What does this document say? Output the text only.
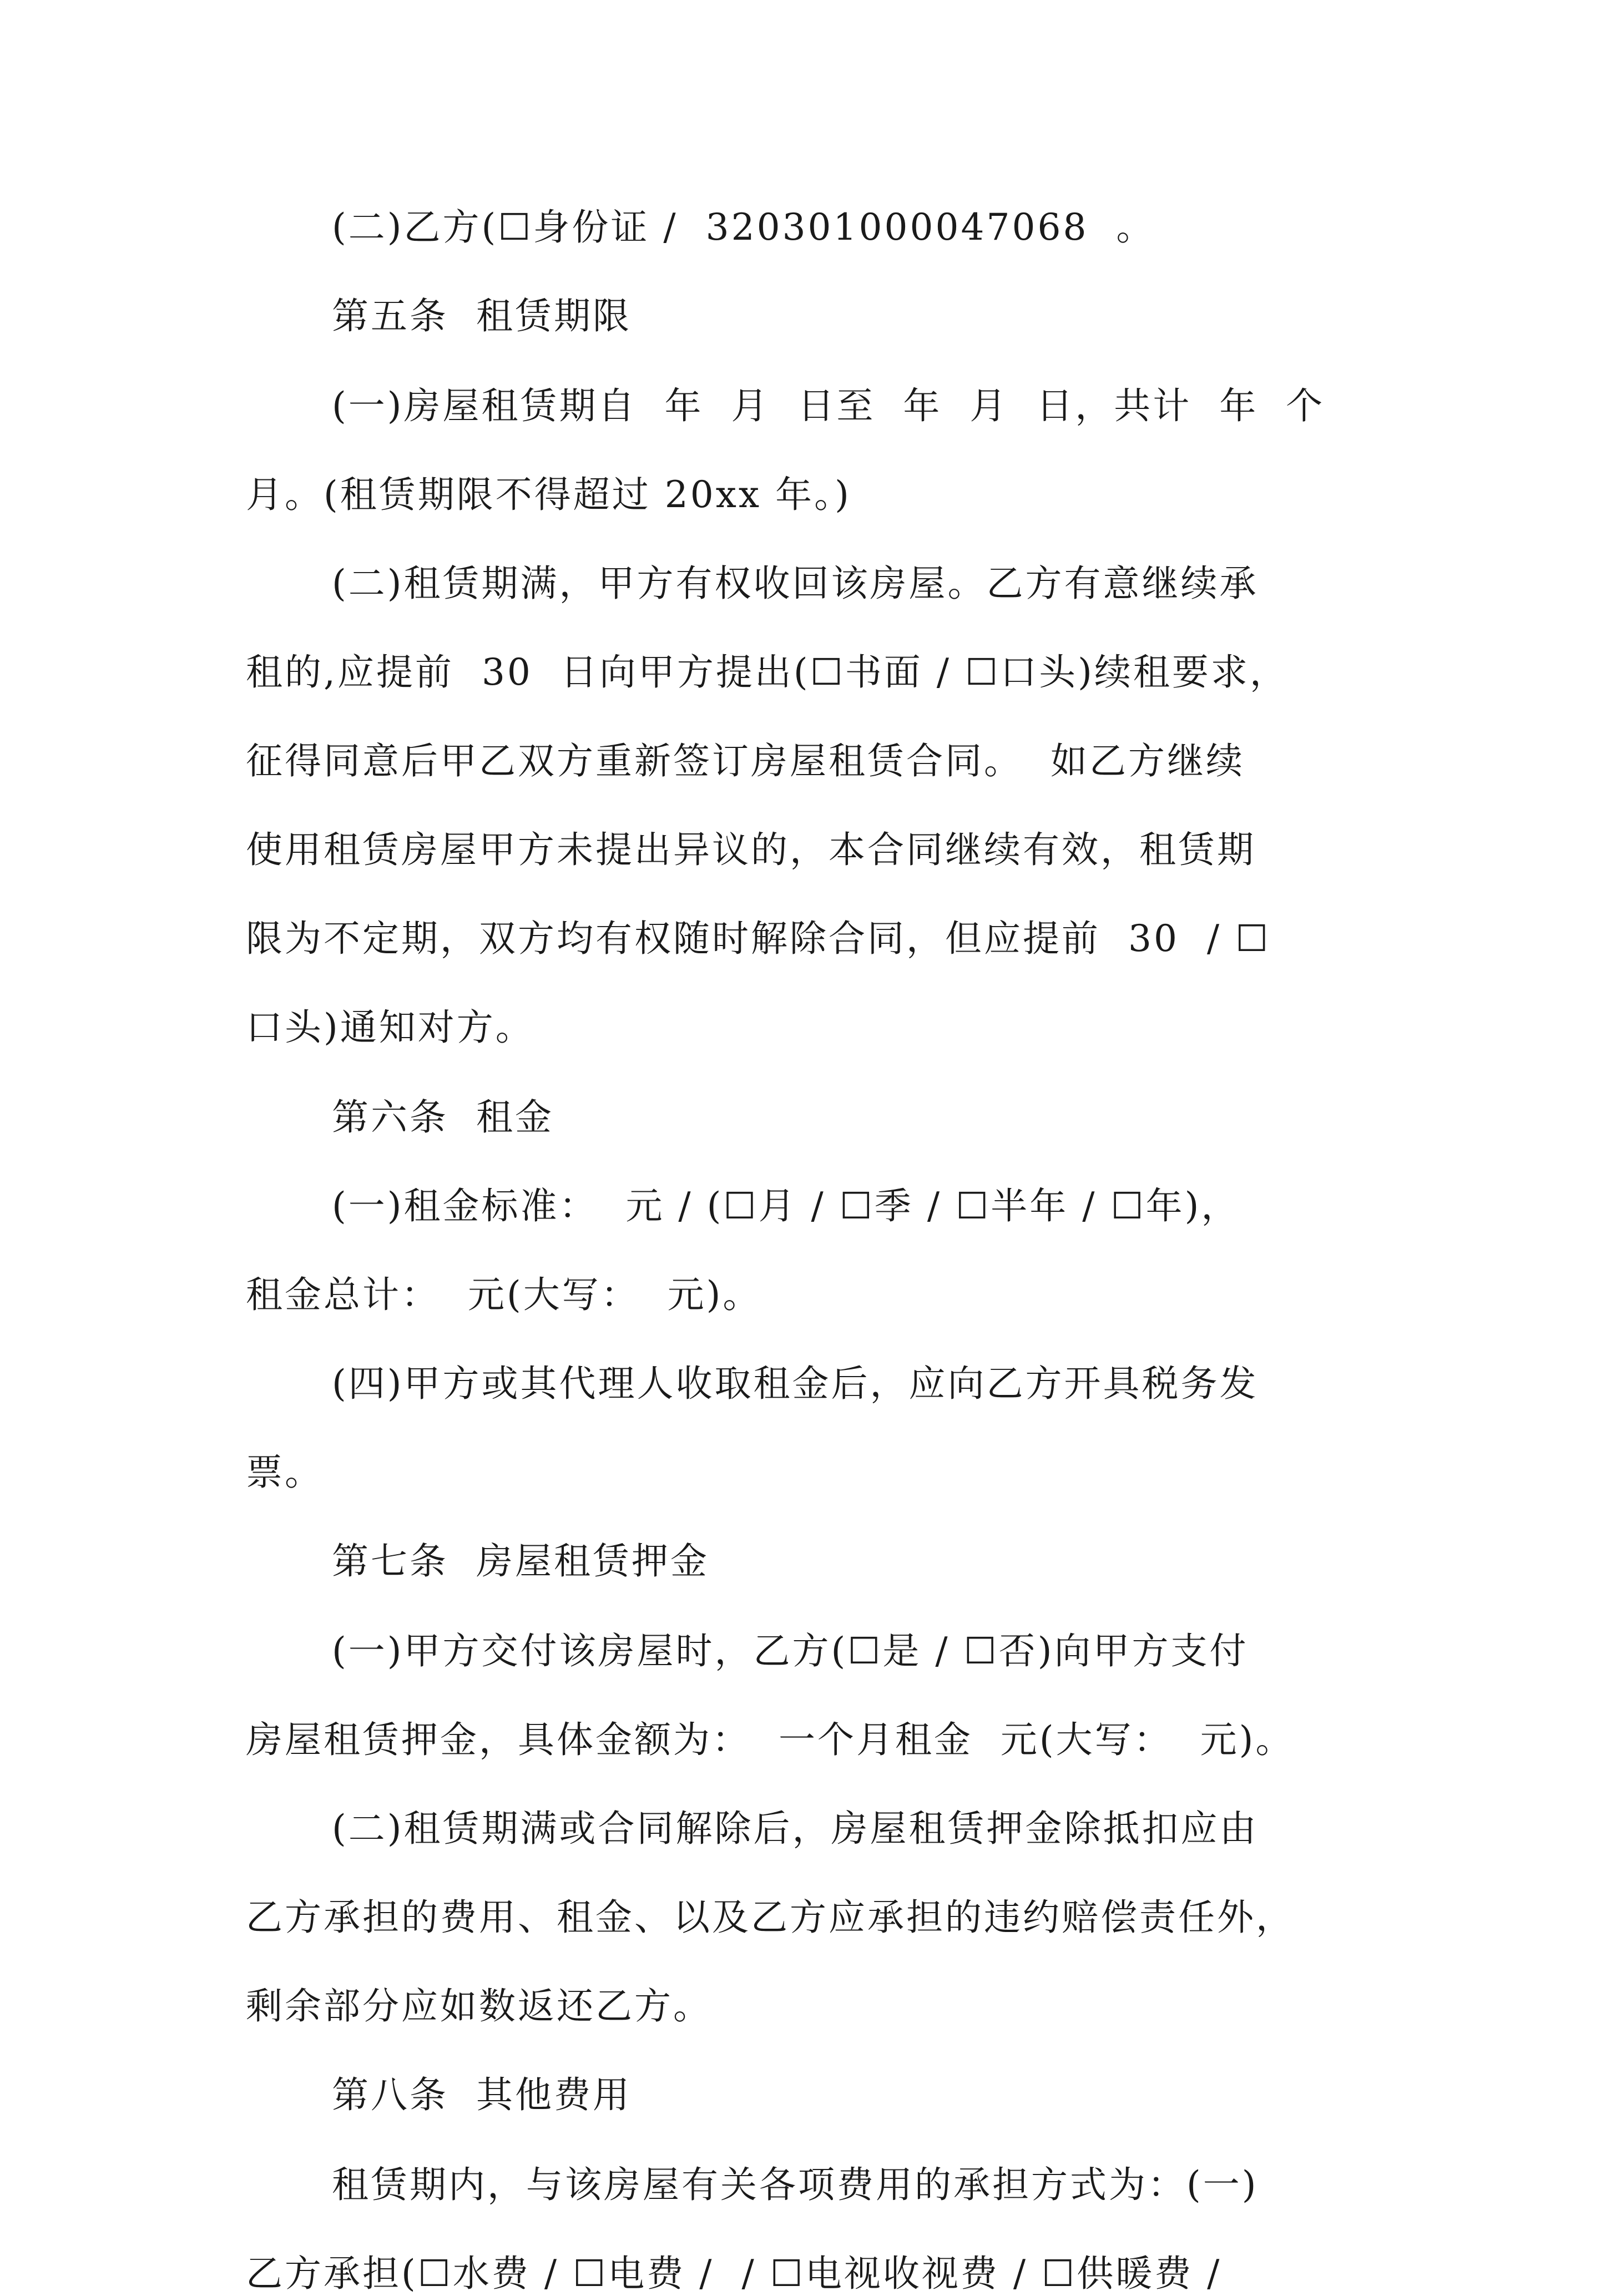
(二)乙方(☐身份证 /  320301000047068  。
第五条  租赁期限
(一)房屋租赁期自  年  月  日至  年  月  日，共计  年  个
月。(租赁期限不得超过 20xx 年。)
(二)租赁期满，甲方有权收回该房屋。乙方有意继续承
租的,应提前  30  日向甲方提出(☐书面 / ☐口头)续租要求，
征得同意后甲乙双方重新签订房屋租赁合同。  如乙方继续
使用租赁房屋甲方未提出异议的，本合同继续有效，租赁期
限为不定期，双方均有权随时解除合同，但应提前  30  / ☐
口头)通知对方。
第六条  租金
(一)租金标准：  元 / (☐月 / ☐季 / ☐半年 / ☐年)，
租金总计：  元(大写：  元)。
(四)甲方或其代理人收取租金后，应向乙方开具税务发
票。
第七条  房屋租赁押金
(一)甲方交付该房屋时，乙方(☐是 / ☐否)向甲方支付
房屋租赁押金，具体金额为：  一个月租金  元(大写：  元)。
(二)租赁期满或合同解除后，房屋租赁押金除抵扣应由
乙方承担的费用、租金、以及乙方应承担的违约赔偿责任外，
剩余部分应如数返还乙方。
第八条  其他费用
租赁期内，与该房屋有关各项费用的承担方式为：(一)
乙方承担(☐水费 / ☐电费 /  / ☐电视收视费 / ☐供暖费 /
